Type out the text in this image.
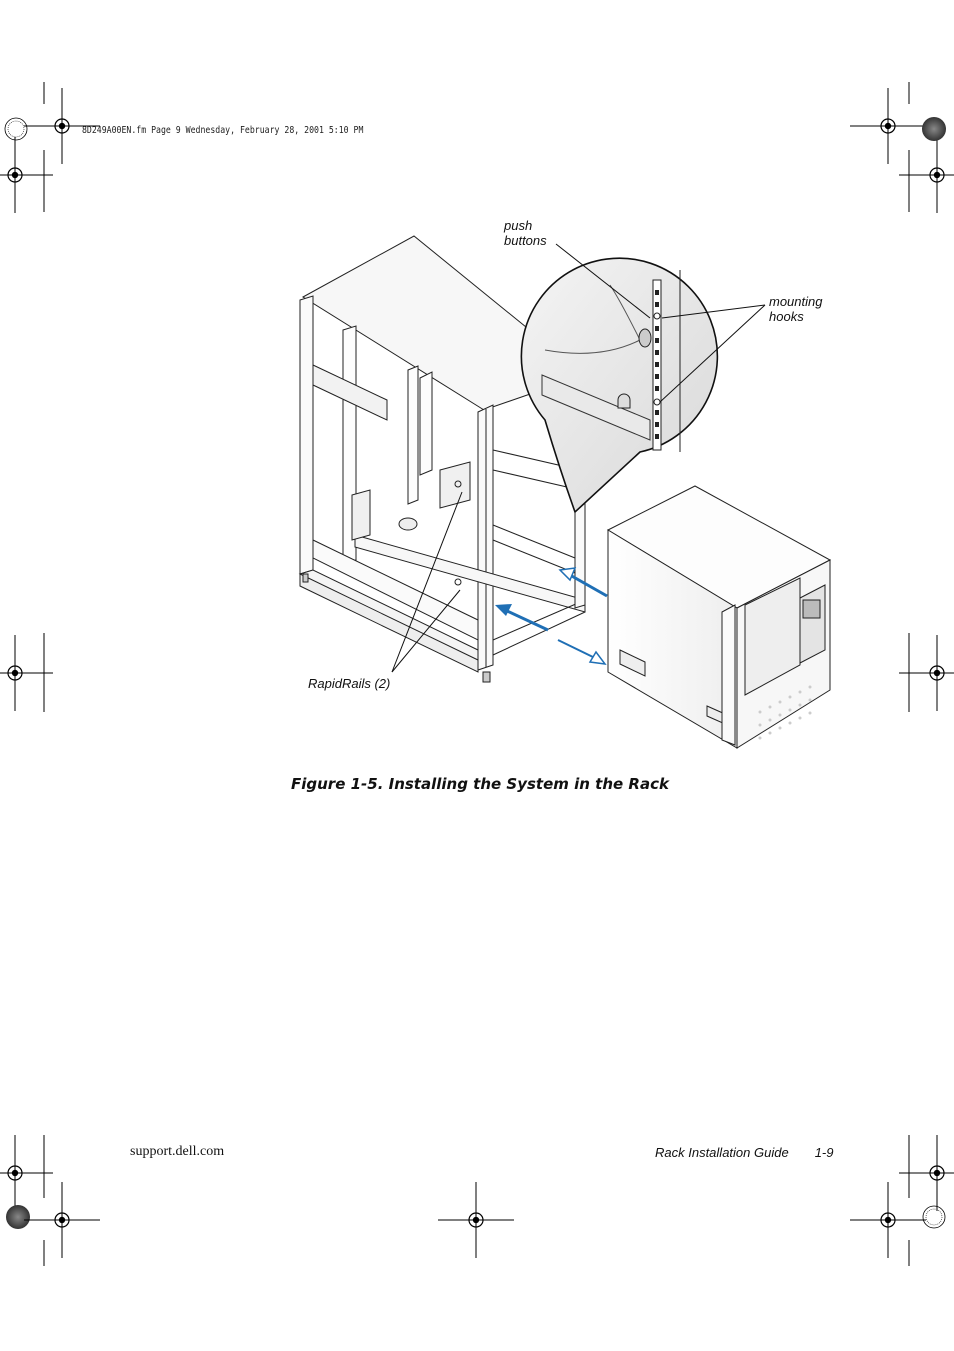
8D249A00EN.fm Page 9 Wednesday, February 28, 2001 5:10 PM
push
buttons
mounting
hooks
RapidRails (2)
Figure 1-5. Installing the System in the Rack
support.dell.com	Rack Installation Guide 1-9
